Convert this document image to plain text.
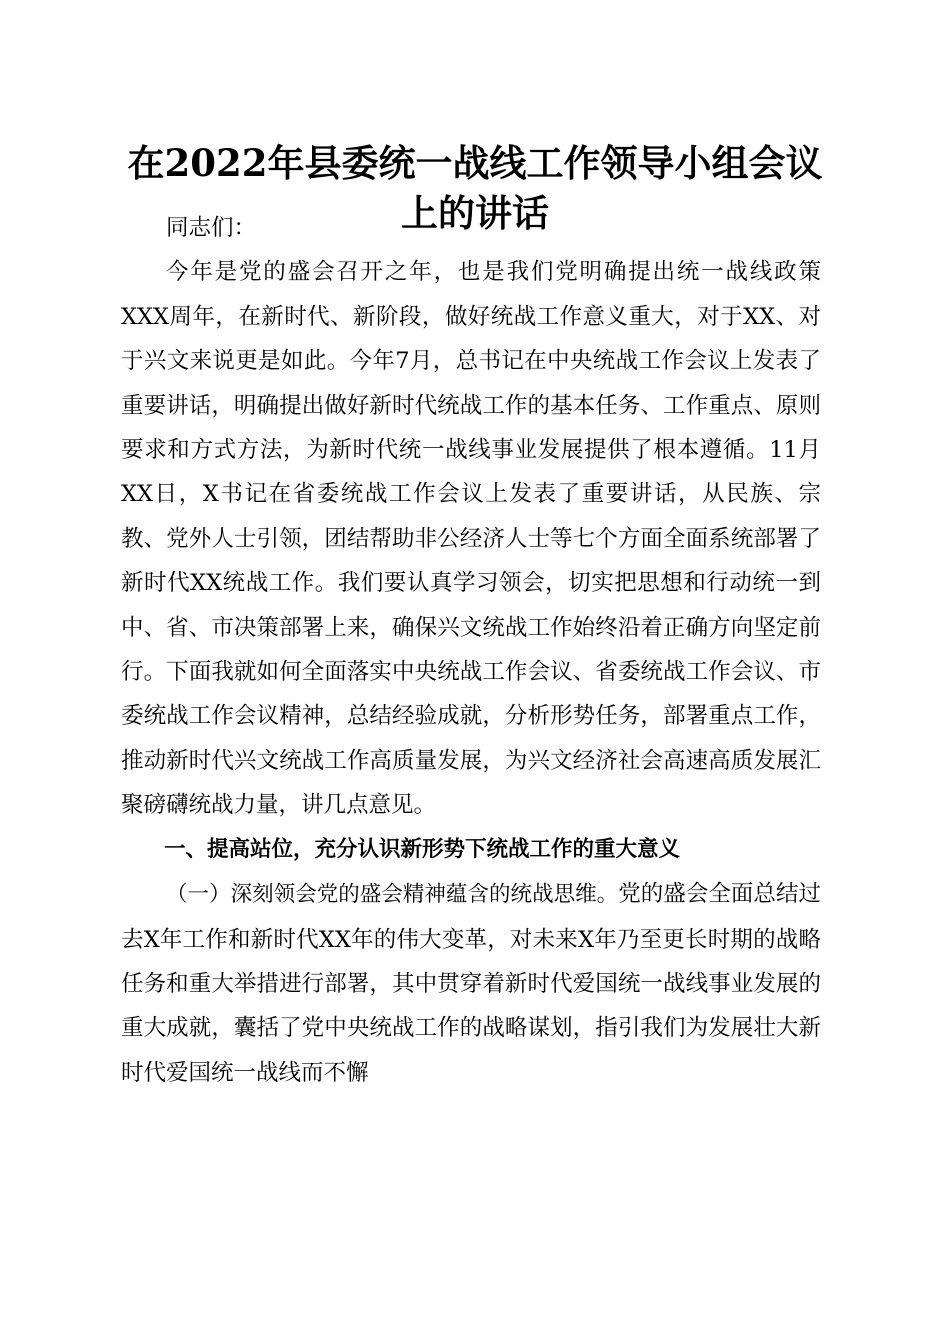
在2022年县委统一战线工作领导小组会议上的讲话

同志们：

今年是党的盛会召开之年，也是我们党明确提出统一战线政策XXX周年，在新时代、新阶段，做好统战工作意义重大，对于XX、对于兴文来说更是如此。今年7月，总书记在中央统战工作会议上发表了重要讲话，明确提出做好新时代统战工作的基本任务、工作重点、原则要求和方式方法，为新时代统一战线事业发展提供了根本遵循。11月XX日，X书记在省委统战工作会议上发表了重要讲话，从民族、宗教、党外人士引领，团结帮助非公经济人士等七个方面全面系统部署了新时代XX统战工作。我们要认真学习领会，切实把思想和行动统一到中、省、市决策部署上来，确保兴文统战工作始终沿着正确方向坚定前行。下面我就如何全面落实中央统战工作会议、省委统战工作会议、市委统战工作会议精神，总结经验成就，分析形势任务，部署重点工作，推动新时代兴文统战工作高质量发展，为兴文经济社会高速高质发展汇聚磅礴统战力量，讲几点意见。

一、提高站位，充分认识新形势下统战工作的重大意义

（一）深刻领会党的盛会精神蕴含的统战思维。党的盛会全面总结过去X年工作和新时代XX年的伟大变革，对未来X年乃至更长时期的战略任务和重大举措进行部署，其中贯穿着新时代爱国统一战线事业发展的重大成就，囊括了党中央统战工作的战略谋划，指引我们为发展壮大新时代爱国统一战线而不懈
